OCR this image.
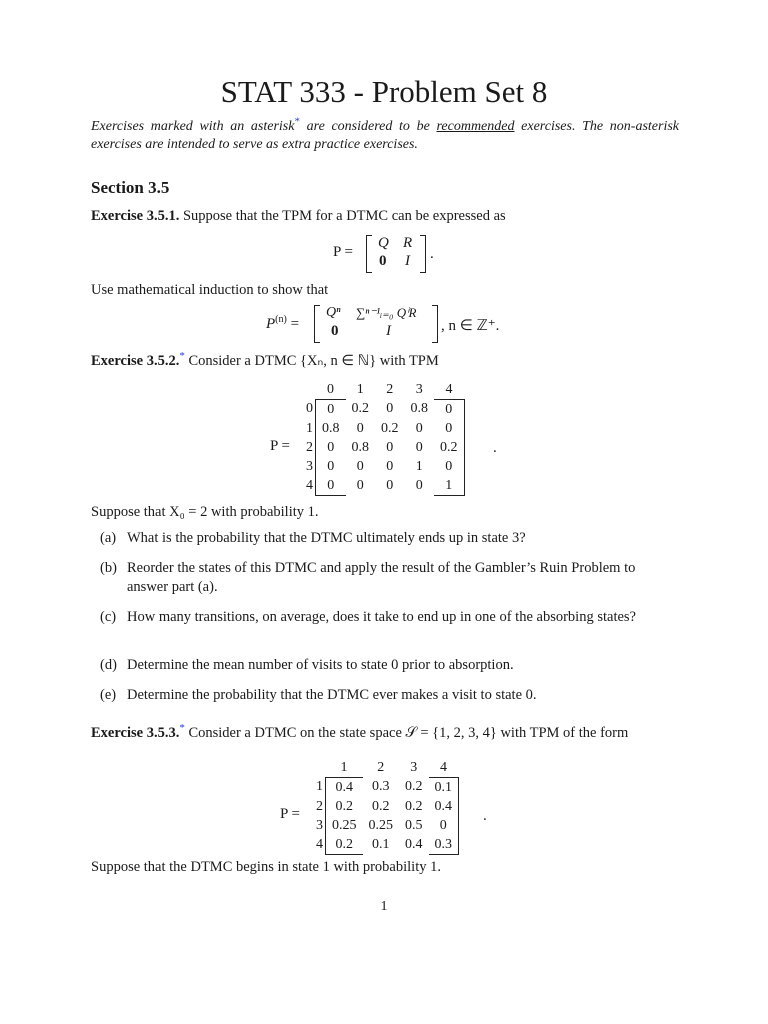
STAT 333 - Problem Set 8
Exercises marked with an asterisk* are considered to be recommended exercises. The non-asterisk exercises are intended to serve as extra practice exercises.
Section 3.5
Exercise 3.5.1. Suppose that the TPM for a DTMC can be expressed as
P =
Q R
0 I .
Use mathematical induction to show that
$P^{(n)}$ =
Qⁿ ∑ⁿ⁻¹ᵢ₌₀ QⁱR
0	I	, n ∈ ℤ⁺.
Exercise 3.5.2.* Consider a DTMC {Xₙ, n ∈ ℕ} with TPM
P =
	0	1	2	3	4
0	0	0.2	0	0.8	0
1	0.8	0	0.2	0	0
2	0	0.8	0	0	0.2
3	0	0	0	1	0
4	0	0	0	0	1
.
Suppose that X₀ = 2 with probability 1.
(a) What is the probability that the DTMC ultimately ends up in state 3?
(b) Reorder the states of this DTMC and apply the result of the Gambler’s Ruin Problem to answer part (a).
(c) How many transitions, on average, does it take to end up in one of the absorbing states?
(d) Determine the mean number of visits to state 0 prior to absorption.
(e) Determine the probability that the DTMC ever makes a visit to state 0.
Exercise 3.5.3.* Consider a DTMC on the state space 𝒮 = {1, 2, 3, 4} with TPM of the form
P =
	1	2	3	4
1	0.4	0.3	0.2	0.1
2	0.2	0.2	0.2	0.4
3	0.25	0.25	0.5	0
4	0.2	0.1	0.4	0.3
.
Suppose that the DTMC begins in state 1 with probability 1.
1
